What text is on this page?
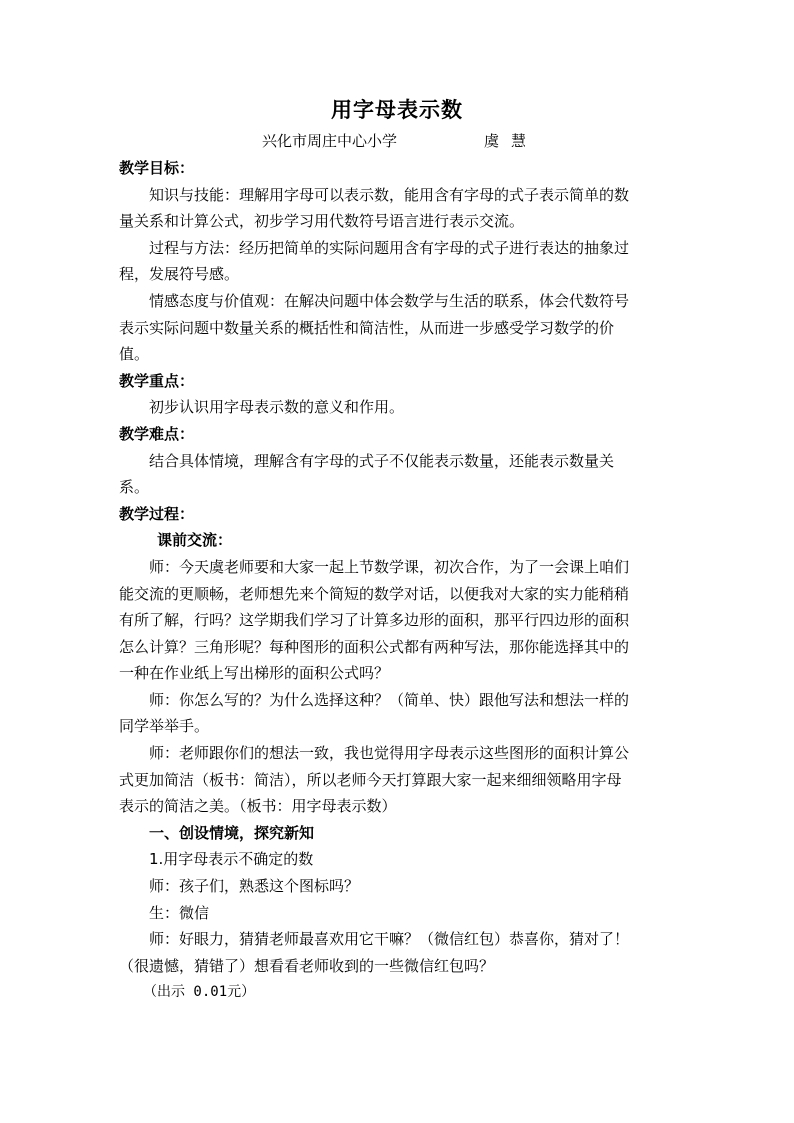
用字母表示数
兴化市周庄中心小学	虞慧
教学目标：
知识与技能：理解用字母可以表示数，能用含有字母的式子表示简单的数
量关系和计算公式，初步学习用代数符号语言进行表示交流。
过程与方法：经历把简单的实际问题用含有字母的式子进行表达的抽象过
程，发展符号感。
情感态度与价值观：在解决问题中体会数学与生活的联系，体会代数符号
表示实际问题中数量关系的概括性和简洁性，从而进一步感受学习数学的价
值。
教学重点：
初步认识用字母表示数的意义和作用。
教学难点：
结合具体情境，理解含有字母的式子不仅能表示数量，还能表示数量关
系。
教学过程：
课前交流：
师：今天虞老师要和大家一起上节数学课，初次合作，为了一会课上咱们
能交流的更顺畅，老师想先来个简短的数学对话，以便我对大家的实力能稍稍
有所了解，行吗？这学期我们学习了计算多边形的面积，那平行四边形的面积
怎么计算？三角形呢？每种图形的面积公式都有两种写法，那你能选择其中的
一种在作业纸上写出梯形的面积公式吗？
师：你怎么写的？为什么选择这种？（简单、快）跟他写法和想法一样的
同学举举手。
师：老师跟你们的想法一致，我也觉得用字母表示这些图形的面积计算公
式更加简洁（板书：简洁），所以老师今天打算跟大家一起来细细领略用字母
表示的简洁之美。（板书：用字母表示数）
一、创设情境，探究新知
1.用字母表示不确定的数
师：孩子们，熟悉这个图标吗？
生：微信
师：好眼力，猜猜老师最喜欢用它干嘛？（微信红包）恭喜你，猜对了！
（很遗憾，猜错了）想看看老师收到的一些微信红包吗？
（出示 0.01元）
